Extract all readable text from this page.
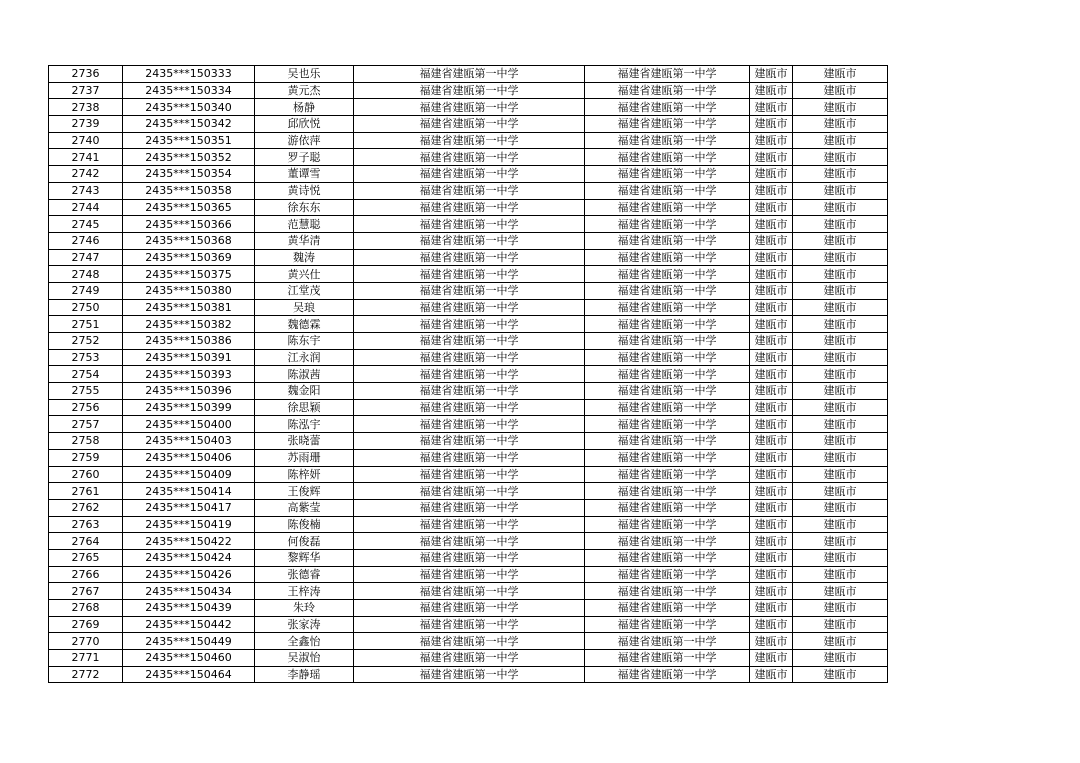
2736	2435***150333	吴也乐	福建省建瓯第一中学	福建省建瓯第一中学	建瓯市	建瓯市
2737	2435***150334	黄元杰	福建省建瓯第一中学	福建省建瓯第一中学	建瓯市	建瓯市
2738	2435***150340	杨静	福建省建瓯第一中学	福建省建瓯第一中学	建瓯市	建瓯市
2739	2435***150342	邱欣悦	福建省建瓯第一中学	福建省建瓯第一中学	建瓯市	建瓯市
2740	2435***150351	游依萍	福建省建瓯第一中学	福建省建瓯第一中学	建瓯市	建瓯市
2741	2435***150352	罗子聪	福建省建瓯第一中学	福建省建瓯第一中学	建瓯市	建瓯市
2742	2435***150354	董谭雪	福建省建瓯第一中学	福建省建瓯第一中学	建瓯市	建瓯市
2743	2435***150358	黄诗悦	福建省建瓯第一中学	福建省建瓯第一中学	建瓯市	建瓯市
2744	2435***150365	徐东东	福建省建瓯第一中学	福建省建瓯第一中学	建瓯市	建瓯市
2745	2435***150366	范慧聪	福建省建瓯第一中学	福建省建瓯第一中学	建瓯市	建瓯市
2746	2435***150368	黄华清	福建省建瓯第一中学	福建省建瓯第一中学	建瓯市	建瓯市
2747	2435***150369	魏涛	福建省建瓯第一中学	福建省建瓯第一中学	建瓯市	建瓯市
2748	2435***150375	黄兴仕	福建省建瓯第一中学	福建省建瓯第一中学	建瓯市	建瓯市
2749	2435***150380	江堂茂	福建省建瓯第一中学	福建省建瓯第一中学	建瓯市	建瓯市
2750	2435***150381	吴琅	福建省建瓯第一中学	福建省建瓯第一中学	建瓯市	建瓯市
2751	2435***150382	魏德霖	福建省建瓯第一中学	福建省建瓯第一中学	建瓯市	建瓯市
2752	2435***150386	陈东宇	福建省建瓯第一中学	福建省建瓯第一中学	建瓯市	建瓯市
2753	2435***150391	江永润	福建省建瓯第一中学	福建省建瓯第一中学	建瓯市	建瓯市
2754	2435***150393	陈淑茜	福建省建瓯第一中学	福建省建瓯第一中学	建瓯市	建瓯市
2755	2435***150396	魏金阳	福建省建瓯第一中学	福建省建瓯第一中学	建瓯市	建瓯市
2756	2435***150399	徐思颖	福建省建瓯第一中学	福建省建瓯第一中学	建瓯市	建瓯市
2757	2435***150400	陈泓宇	福建省建瓯第一中学	福建省建瓯第一中学	建瓯市	建瓯市
2758	2435***150403	张晓蕾	福建省建瓯第一中学	福建省建瓯第一中学	建瓯市	建瓯市
2759	2435***150406	苏雨珊	福建省建瓯第一中学	福建省建瓯第一中学	建瓯市	建瓯市
2760	2435***150409	陈梓妍	福建省建瓯第一中学	福建省建瓯第一中学	建瓯市	建瓯市
2761	2435***150414	王俊辉	福建省建瓯第一中学	福建省建瓯第一中学	建瓯市	建瓯市
2762	2435***150417	高紫莹	福建省建瓯第一中学	福建省建瓯第一中学	建瓯市	建瓯市
2763	2435***150419	陈俊楠	福建省建瓯第一中学	福建省建瓯第一中学	建瓯市	建瓯市
2764	2435***150422	何俊磊	福建省建瓯第一中学	福建省建瓯第一中学	建瓯市	建瓯市
2765	2435***150424	黎辉华	福建省建瓯第一中学	福建省建瓯第一中学	建瓯市	建瓯市
2766	2435***150426	张德睿	福建省建瓯第一中学	福建省建瓯第一中学	建瓯市	建瓯市
2767	2435***150434	王梓涛	福建省建瓯第一中学	福建省建瓯第一中学	建瓯市	建瓯市
2768	2435***150439	朱玲	福建省建瓯第一中学	福建省建瓯第一中学	建瓯市	建瓯市
2769	2435***150442	张家涛	福建省建瓯第一中学	福建省建瓯第一中学	建瓯市	建瓯市
2770	2435***150449	全鑫怡	福建省建瓯第一中学	福建省建瓯第一中学	建瓯市	建瓯市
2771	2435***150460	吴淑怡	福建省建瓯第一中学	福建省建瓯第一中学	建瓯市	建瓯市
2772	2435***150464	李静瑶	福建省建瓯第一中学	福建省建瓯第一中学	建瓯市	建瓯市
